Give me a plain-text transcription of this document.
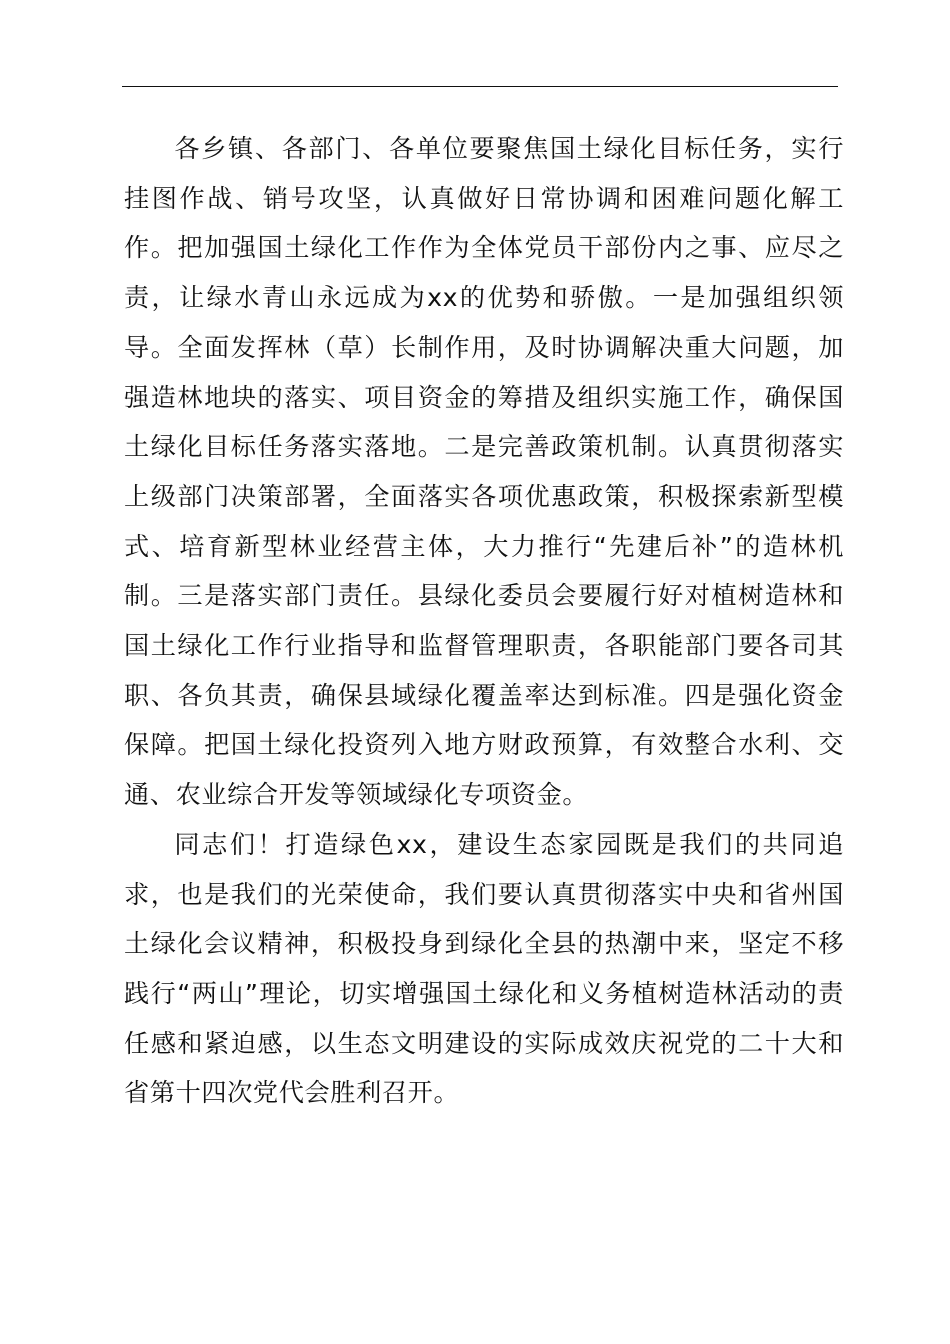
各乡镇、各部门、各单位要聚焦国土绿化目标任务，实行挂图作战、销号攻坚，认真做好日常协调和困难问题化解工作。把加强国土绿化工作作为全体党员干部份内之事、应尽之责，让绿水青山永远成为xx的优势和骄傲。一是加强组织领导。全面发挥林（草）长制作用，及时协调解决重大问题，加强造林地块的落实、项目资金的筹措及组织实施工作，确保国土绿化目标任务落实落地。二是完善政策机制。认真贯彻落实上级部门决策部署，全面落实各项优惠政策，积极探索新型模式、培育新型林业经营主体，大力推行“先建后补”的造林机制。三是落实部门责任。县绿化委员会要履行好对植树造林和国土绿化工作行业指导和监督管理职责，各职能部门要各司其职、各负其责，确保县域绿化覆盖率达到标准。四是强化资金保障。把国土绿化投资列入地方财政预算，有效整合水利、交通、农业综合开发等领域绿化专项资金。

同志们！打造绿色xx，建设生态家园既是我们的共同追求，也是我们的光荣使命，我们要认真贯彻落实中央和省州国土绿化会议精神，积极投身到绿化全县的热潮中来，坚定不移践行“两山”理论，切实增强国土绿化和义务植树造林活动的责任感和紧迫感，以生态文明建设的实际成效庆祝党的二十大和省第十四次党代会胜利召开。
